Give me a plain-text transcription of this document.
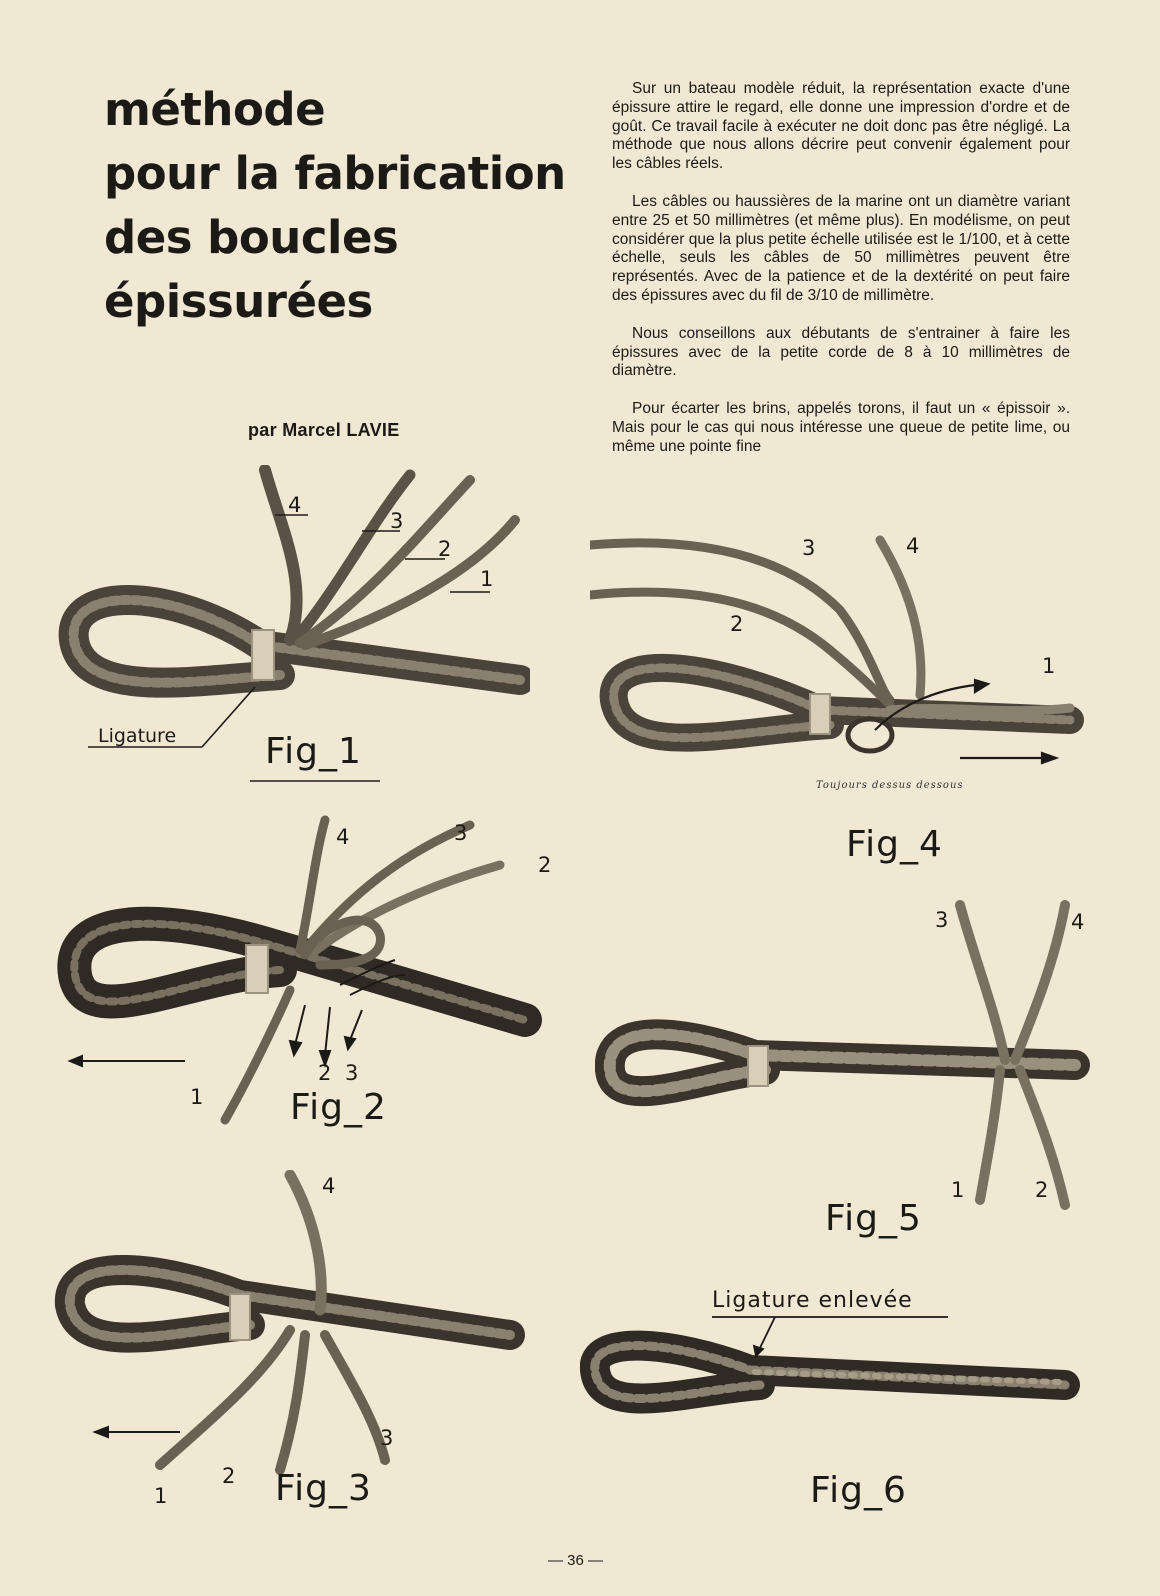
méthode
pour la fabrication
des boucles
épissurées
par Marcel LAVIE

Sur un bateau modèle réduit, la représentation exacte d'une épissure attire le regard, elle donne une impression d'ordre et de goût. Ce travail facile à exécuter ne doit donc pas être négligé. La méthode que nous allons décrire peut convenir également pour les câbles réels.

Les câbles ou haussières de la marine ont un diamètre variant entre 25 et 50 millimètres (et même plus). En modélisme, on peut considérer que la plus petite échelle utilisée est le 1/100, et à cette échelle, seuls les câbles de 50 millimètres peuvent être représentés. Avec de la patience et de la dextérité on peut faire des épissures avec du fil de 3/10 de millimètre.

Nous conseillons aux débutants de s'entrainer à faire les épissures avec de la petite corde de 8 à 10 millimètres de diamètre.

Pour écarter les brins, appelés torons, il faut un « épissoir ». Mais pour le cas qui nous intéresse une queue de petite lime, ou même une pointe fine

4
3
2
1
Ligature Fig_1
3	4
2
1
Toujours dessus dessous
Fig_4
4	3
2
1
2 3
Fig_2
3	4
1	2
Fig_5
4
1
2
3
Fig_3
Ligature enlevée
Fig_6
— 36 —
